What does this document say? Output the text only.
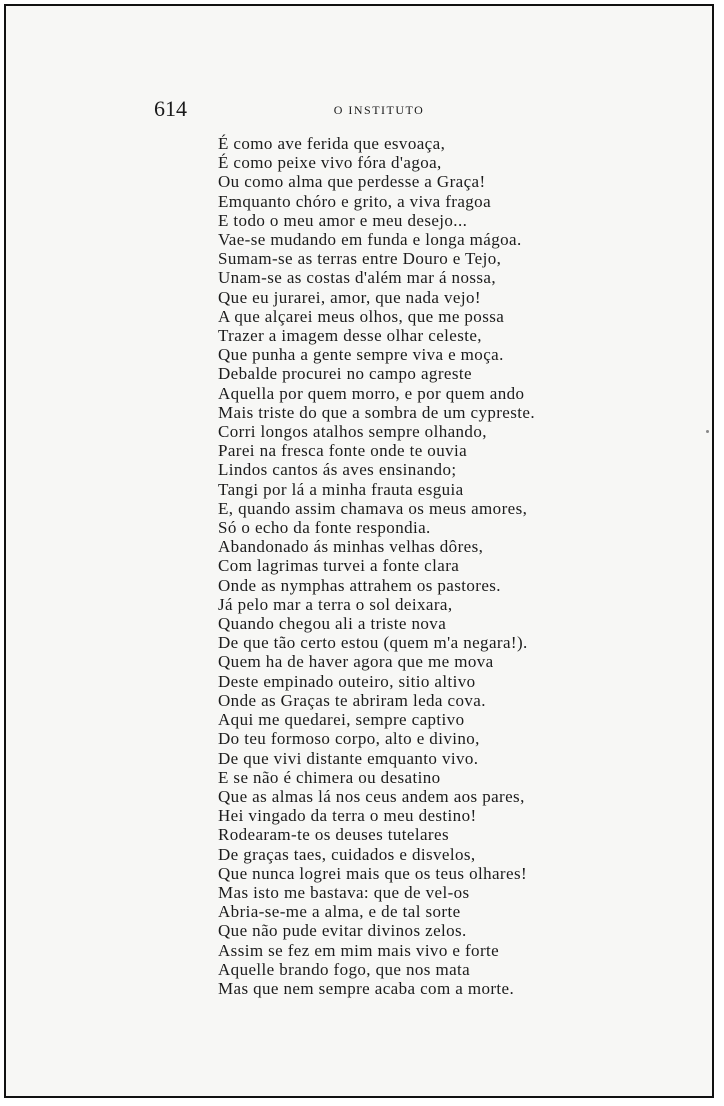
614	O INSTITUTO
É como ave ferida que esvoaça,
É como peixe vivo fóra d'agoa,
Ou como alma que perdesse a Graça!
Emquanto chóro e grito, a viva fragoa
E todo o meu amor e meu desejo...
Vae-se mudando em funda e longa mágoa.
Sumam-se as terras entre Douro e Tejo,
Unam-se as costas d'além mar á nossa,
Que eu jurarei, amor, que nada vejo!
A que alçarei meus olhos, que me possa
Trazer a imagem desse olhar celeste,
Que punha a gente sempre viva e moça.
Debalde procurei no campo agreste
Aquella por quem morro, e por quem ando
Mais triste do que a sombra de um cypreste.
Corri longos atalhos sempre olhando,
Parei na fresca fonte onde te ouvia
Lindos cantos ás aves ensinando;
Tangi por lá a minha frauta esguia
E, quando assim chamava os meus amores,
Só o echo da fonte respondia.
Abandonado ás minhas velhas dôres,
Com lagrimas turvei a fonte clara
Onde as nymphas attrahem os pastores.
Já pelo mar a terra o sol deixara,
Quando chegou ali a triste nova
De que tão certo estou (quem m'a negara!).
Quem ha de haver agora que me mova
Deste empinado outeiro, sitio altivo
Onde as Graças te abriram leda cova.
Aqui me quedarei, sempre captivo
Do teu formoso corpo, alto e divino,
De que vivi distante emquanto vivo.
E se não é chimera ou desatino
Que as almas lá nos ceus andem aos pares,
Hei vingado da terra o meu destino!
Rodearam-te os deuses tutelares
De graças taes, cuidados e disvelos,
Que nunca logrei mais que os teus olhares!
Mas isto me bastava: que de vel-os
Abria-se-me a alma, e de tal sorte
Que não pude evitar divinos zelos.
Assim se fez em mim mais vivo e forte
Aquelle brando fogo, que nos mata
Mas que nem sempre acaba com a morte.
